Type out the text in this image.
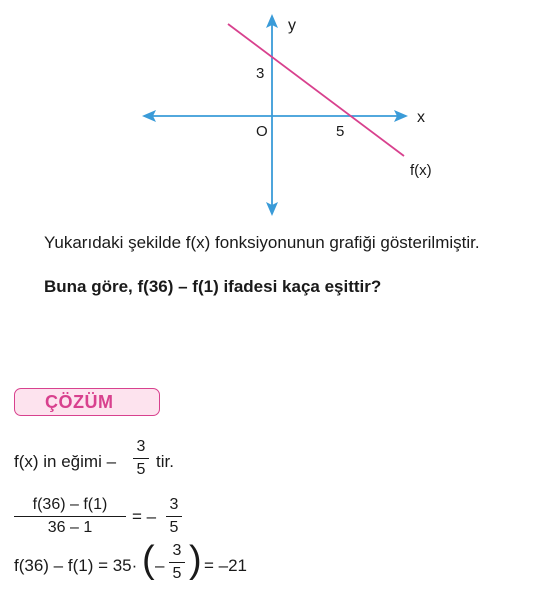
y
x
3
O	5
f(x)
Yukarıdaki şekilde f(x) fonksiyonunun grafiği gösterilmiştir.
Buna göre, f(36) – f(1) ifadesi kaça eşittir?
ÇÖZÜM
f(x) in eğimi –
3
5 tir.
f(36) – f(1)
36 – 1
= –
3
5
f(36) – f(1) = 35· ( –
3
5 ) = –21
